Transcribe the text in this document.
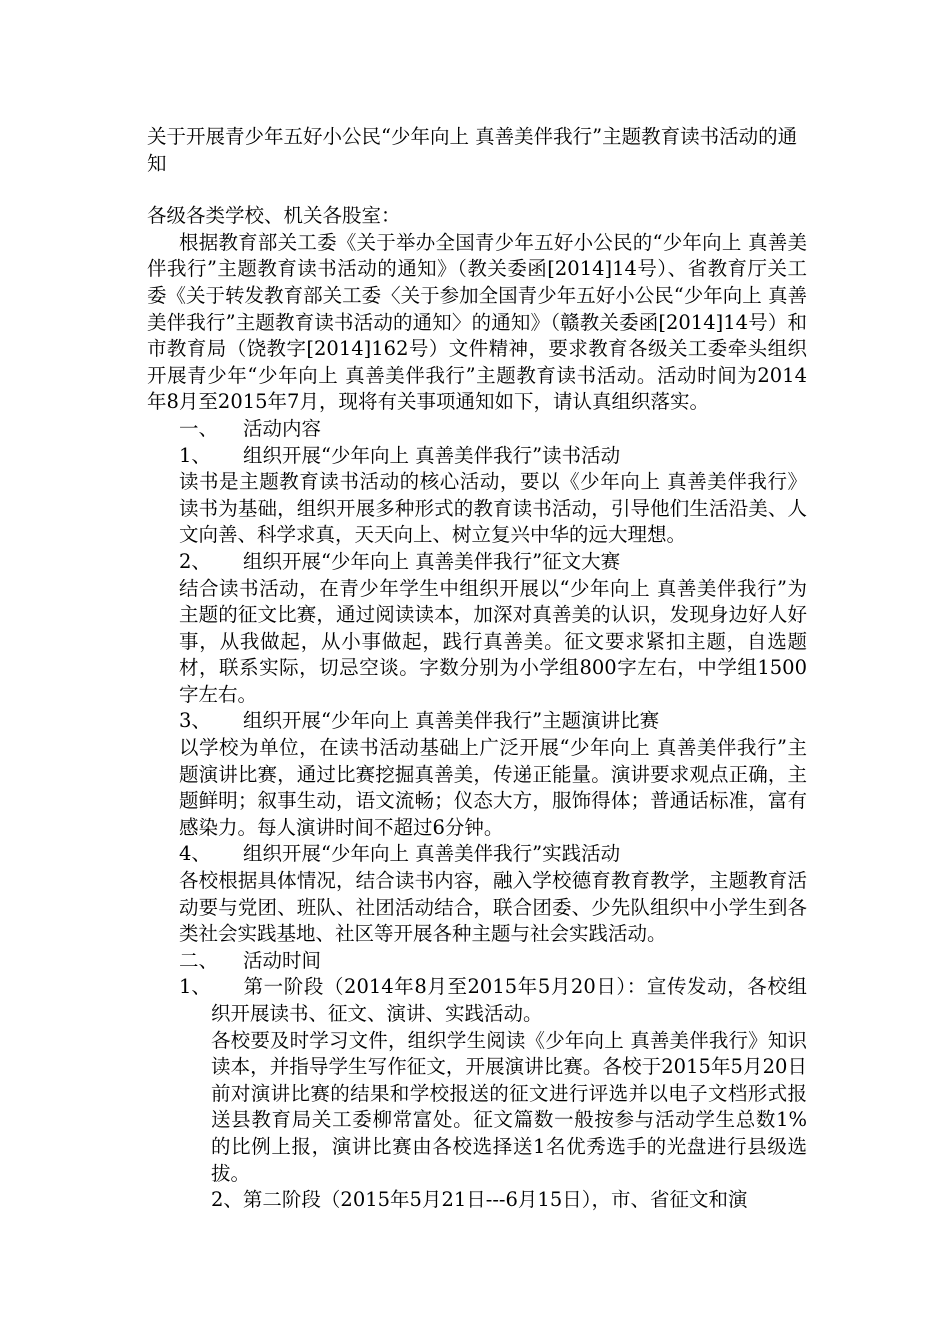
关于开展青少年五好小公民“少年向上 真善美伴我行”主题教育读书活动的通知

各级各类学校、机关各股室：

根据教育部关工委《关于举办全国青少年五好小公民的“少年向上 真善美伴我行”主题教育读书活动的通知》（教关委函[2014]14号）、省教育厅关工委《关于转发教育部关工委〈关于参加全国青少年五好小公民“少年向上 真善美伴我行”主题教育读书活动的通知〉的通知》（赣教关委函[2014]14号）和市教育局（饶教字[2014]162号）文件精神，要求教育各级关工委牵头组织开展青少年“少年向上 真善美伴我行”主题教育读书活动。活动时间为2014年8月至2015年7月，现将有关事项通知如下，请认真组织落实。

一、 活动内容
1、 组织开展“少年向上 真善美伴我行”读书活动

读书是主题教育读书活动的核心活动，要以《少年向上 真善美伴我行》读书为基础，组织开展多种形式的教育读书活动，引导他们生活沿美、人文向善、科学求真，天天向上、树立复兴中华的远大理想。

2、 组织开展“少年向上 真善美伴我行”征文大赛

结合读书活动，在青少年学生中组织开展以“少年向上 真善美伴我行”为主题的征文比赛，通过阅读读本，加深对真善美的认识，发现身边好人好事，从我做起，从小事做起，践行真善美。征文要求紧扣主题，自选题材，联系实际，切忌空谈。字数分别为小学组800字左右，中学组1500字左右。

3、 组织开展“少年向上 真善美伴我行”主题演讲比赛

以学校为单位，在读书活动基础上广泛开展“少年向上 真善美伴我行”主题演讲比赛，通过比赛挖掘真善美，传递正能量。演讲要求观点正确，主题鲜明；叙事生动，语文流畅；仪态大方，服饰得体；普通话标准，富有感染力。每人演讲时间不超过6分钟。

4、 组织开展“少年向上 真善美伴我行”实践活动

各校根据具体情况，结合读书内容，融入学校德育教育教学，主题教育活动要与党团、班队、社团活动结合，联合团委、少先队组织中小学生到各类社会实践基地、社区等开展各种主题与社会实践活动。

二、 活动时间

1、 第一阶段（2014年8月至2015年5月20日）：宣传发动，各校组织开展读书、征文、演讲、实践活动。

各校要及时学习文件，组织学生阅读《少年向上 真善美伴我行》知识读本，并指导学生写作征文，开展演讲比赛。各校于2015年5月20日前对演讲比赛的结果和学校报送的征文进行评选并以电子文档形式报送县教育局关工委柳常富处。征文篇数一般按参与活动学生总数1%的比例上报，演讲比赛由各校选择送1名优秀选手的光盘进行县级选拔。

2、第二阶段（2015年5月21日---6月15日），市、省征文和演
